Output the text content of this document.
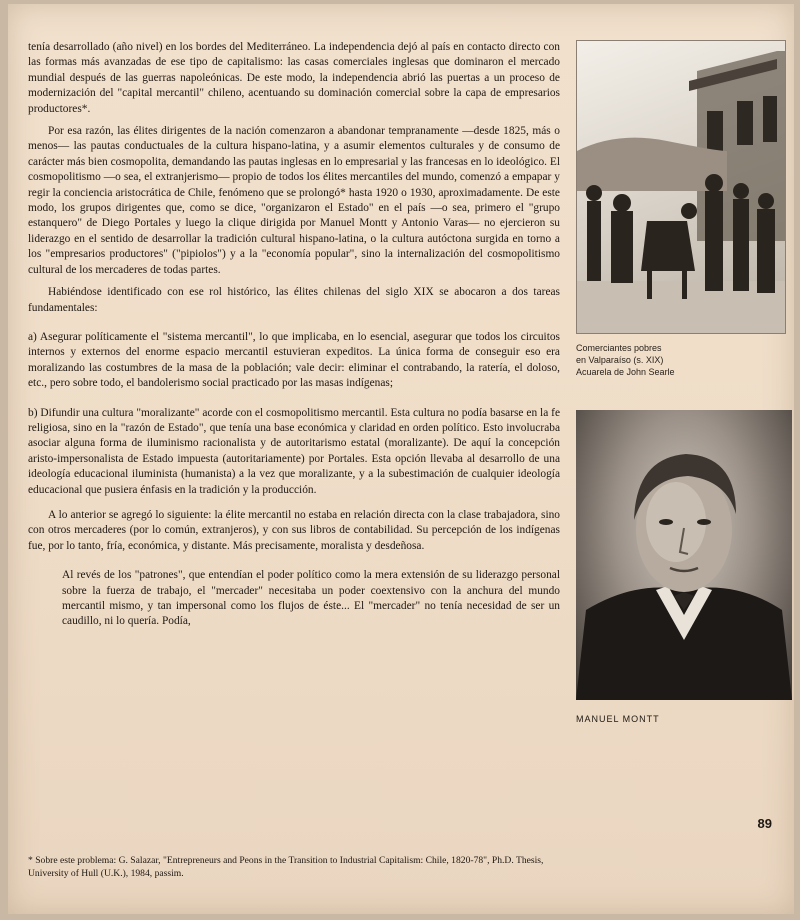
tenía desarrollado (año nivel) en los bordes del Mediterráneo. La independencia dejó al país en contacto directo con las formas más avanzadas de ese tipo de capitalismo: las casas comerciales inglesas que dominaron el mercado mundial después de las guerras napoleónicas. De este modo, la independencia abrió las puertas a un proceso de modernización del "capital mercantil" chileno, acentuando su dominación comercial sobre la capa de empresarios productores*.

Por esa razón, las élites dirigentes de la nación comenzaron a abandonar tempranamente —desde 1825, más o menos— las pautas conductuales de la cultura hispano-latina, y a asumir elementos culturales y de consumo de carácter más bien cosmopolita, demandando las pautas inglesas en lo empresarial y las francesas en lo ideológico. El cosmopolitismo —o sea, el extranjerismo— propio de todos los élites mercantiles del mundo, comenzó a empapar y regir la conciencia aristocrática de Chile, fenómeno que se prolongó* hasta 1920 o 1930, aproximadamente. De este modo, los grupos dirigentes que, como se dice, "organizaron el Estado" en el país —o sea, primero el "grupo estanquero" de Diego Portales y luego la clique dirigida por Manuel Montt y Antonio Varas— no ejercieron su liderazgo en el sentido de desarrollar la tradición cultural hispano-latina, o la cultura autóctona surgida en torno a los "empresarios productores" ("pipiolos") y a la "economía popular", sino la internalización del cosmopolitismo cultural de los mercaderes de todas partes.

Habiéndose identificado con ese rol histórico, las élites chilenas del siglo XIX se abocaron a dos tareas fundamentales:

a) Asegurar políticamente el "sistema mercantil", lo que implicaba, en lo esencial, asegurar que todos los circuitos internos y externos del enorme espacio mercantil estuvieran expeditos. La única forma de conseguir eso era moralizando las costumbres de la masa de la población; vale decir: eliminar el contrabando, la ratería, el doloso, etc., pero sobre todo, el bandolerismo social practicado por las masas indígenas;

b) Difundir una cultura "moralizante" acorde con el cosmopolitismo mercantil. Esta cultura no podía basarse en la fe religiosa, sino en la "razón de Estado", que tenía una base económica y claridad en orden político. Esto involucraba asociar alguna forma de iluminismo racionalista y de autoritarismo estatal (moralizante). De aquí la concepción aristo-impersonalista de Estado impuesta (autoritariamente) por Portales. Esta opción llevaba al desarrollo de una ideología educacional iluminista (humanista) a la vez que moralizante, y a la subestimación de cualquier ideología educacional que pusiera énfasis en la tradición y la producción.

A lo anterior se agregó lo siguiente: la élite mercantil no estaba en relación directa con la clase trabajadora, sino con otros mercaderes (por lo común, extranjeros), y con sus libros de contabilidad. Su percepción de los indígenas fue, por lo tanto, fría, económica, y distante. Más precisamente, moralista y desdeñosa.

Al revés de los "patrones", que entendían el poder político como la mera extensión de su liderazgo personal sobre la fuerza de trabajo, el "mercader" necesitaba un poder coextensivo con la anchura del mundo mercantil mismo, y tan impersonal como los flujos de éste... El "mercader" no tenía necesidad de ser un caudillo, ni lo quería. Podía,

Comerciantes pobres
en Valparaíso (s. XIX)
Acuarela de John Searle
MANUEL MONTT
89
* Sobre este problema: G. Salazar, "Entrepreneurs and Peons in the Transition to Industrial Capitalism: Chile, 1820-78", Ph.D. Thesis, University of Hull (U.K.), 1984, passim.
